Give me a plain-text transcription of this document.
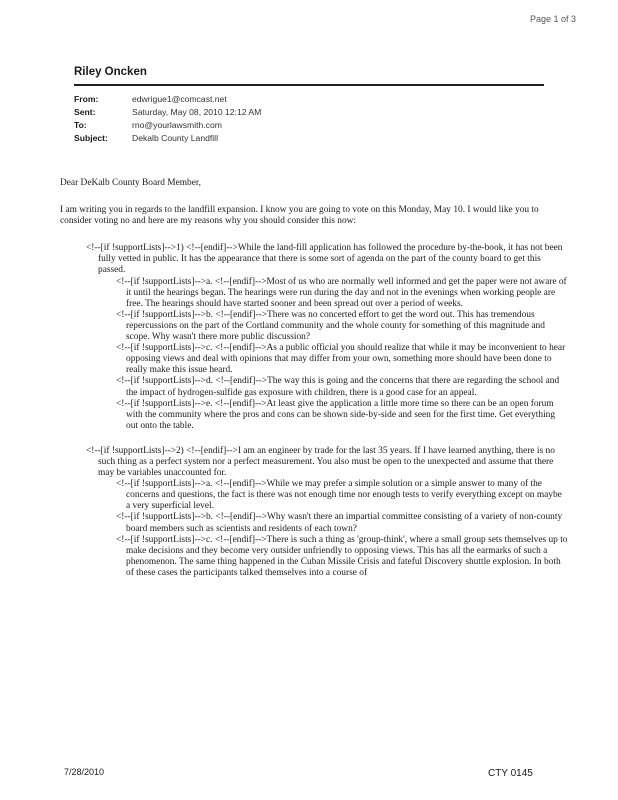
Page 1 of 3
Riley Oncken
From:	edwrigue1@comcast.net
Sent:	Saturday, May 08, 2010 12:12 AM
To:	rno@yourlawsmith.com
Subject:	Dekalb County Landfill

Dear DeKalb County Board Member,

I am writing you in regards to the landfill expansion. I know you are going to vote on this Monday, May 10. I would like you to consider voting no and here are my reasons why you should consider this now:

<!--[if !supportLists]-->1) <!--[endif]-->While the land-fill application has followed the procedure by-the-book, it has not been fully vetted in public. It has the appearance that there is some sort of agenda on the part of the county board to get this passed.
<!--[if !supportLists]-->a. <!--[endif]-->Most of us who are normally well informed and get the paper were not aware of it until the hearings began. The hearings were run during the day and not in the evenings when working people are free. The hearings should have started sooner and been spread out over a period of weeks.
<!--[if !supportLists]-->b. <!--[endif]-->There was no concerted effort to get the word out. This has tremendous repercussions on the part of the Cortland community and the whole county for something of this magnitude and scope. Why wasn't there more public discussion?
<!--[if !supportLists]-->c. <!--[endif]-->As a public official you should realize that while it may be inconvenient to hear opposing views and deal with opinions that may differ from your own, something more should have been done to really make this issue heard.
<!--[if !supportLists]-->d. <!--[endif]-->The way this is going and the concerns that there are regarding the school and the impact of hydrogen-sulfide gas exposure with children, there is a good case for an appeal.
<!--[if !supportLists]-->e. <!--[endif]-->At least give the application a little more time so there can be an open forum with the community where the pros and cons can be shown side-by-side and seen for the first time. Get everything out onto the table.
<!--[if !supportLists]-->2) <!--[endif]-->I am an engineer by trade for the last 35 years. If I have learned anything, there is no such thing as a perfect system nor a perfect measurement. You also must be open to the unexpected and assume that there may be variables unaccounted for.
<!--[if !supportLists]-->a. <!--[endif]-->While we may prefer a simple solution or a simple answer to many of the concerns and questions, the fact is there was not enough time nor enough tests to verify everything except on maybe a very superficial level.
<!--[if !supportLists]-->b. <!--[endif]-->Why wasn't there an impartial committee consisting of a variety of non-county board members such as scientists and residents of each town?
<!--[if !supportLists]-->c. <!--[endif]-->There is such a thing as 'group-think', where a small group sets themselves up to make decisions and they become very outsider unfriendly to opposing views. This has all the earmarks of such a phenomenon. The same thing happened in the Cuban Missile Crisis and fateful Discovery shuttle explosion. In both of these cases the participants talked themselves into a course of
7/28/2010	CTY 0145
